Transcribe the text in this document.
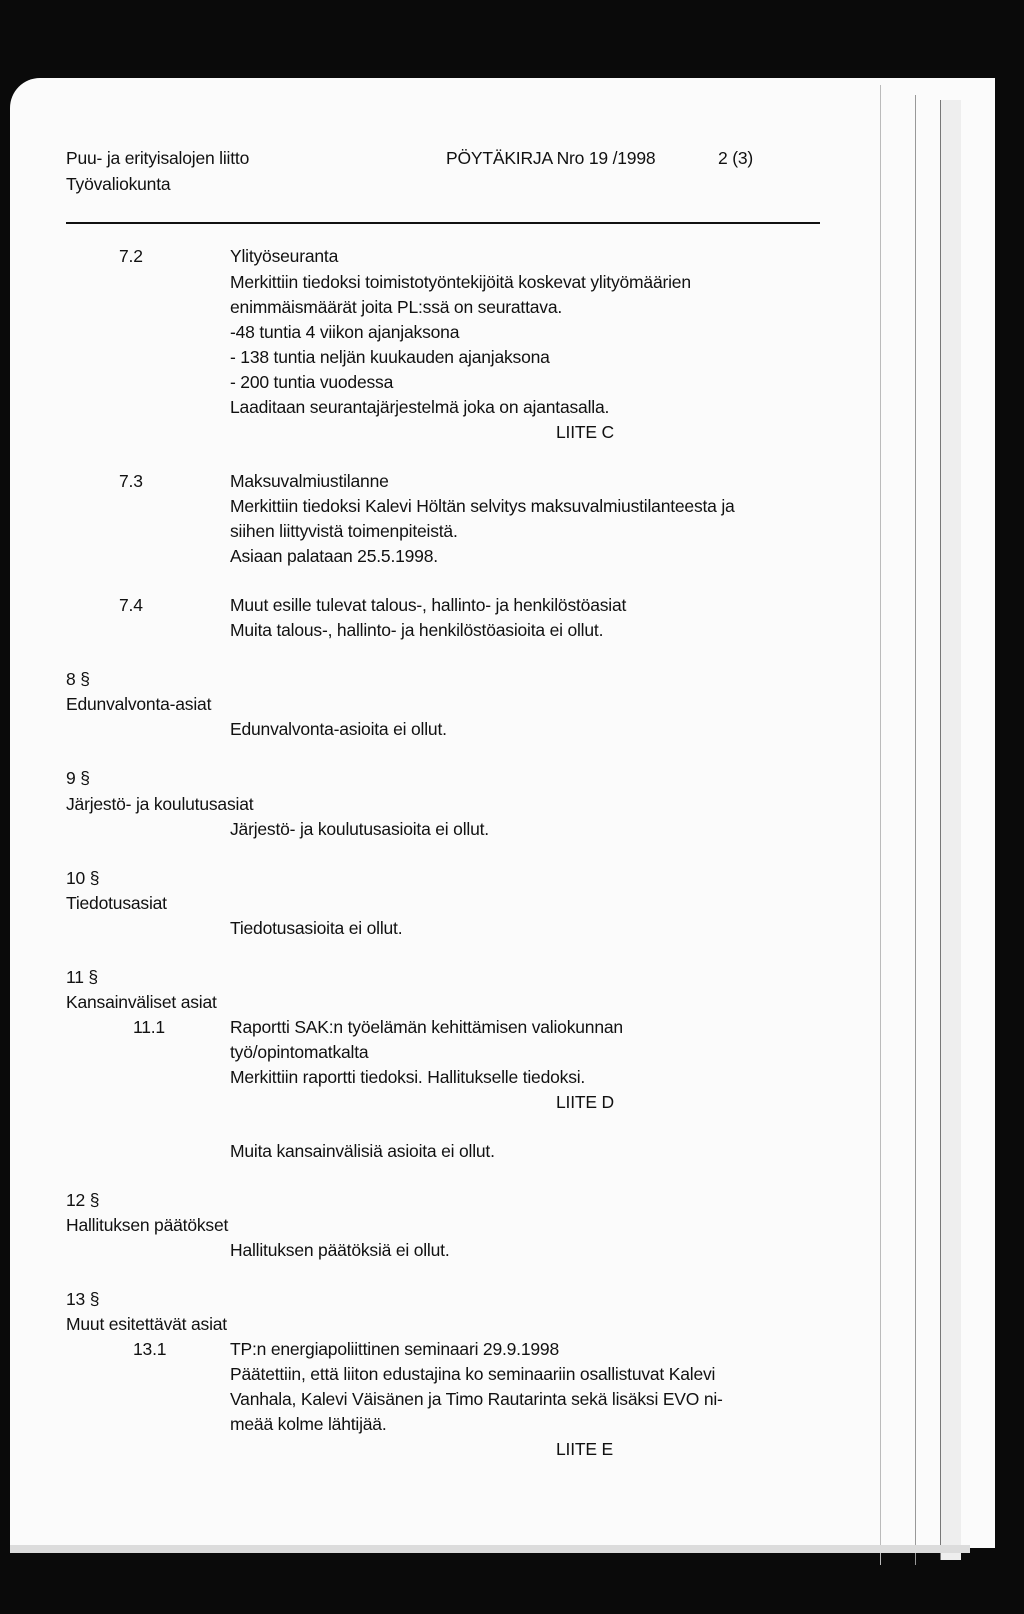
Puu- ja erityisalojen liitto
Työvaliokunta
PÖYTÄKIRJA Nro 19 /1998	2 (3)
7.2	Ylityöseuranta
Merkittiin tiedoksi toimistotyöntekijöitä koskevat ylityömäärien
enimmäismäärät joita PL:ssä on seurattava.
-48 tuntia 4 viikon ajanjaksona
- 138 tuntia neljän kuukauden ajanjaksona
- 200 tuntia vuodessa
Laaditaan seurantajärjestelmä joka on ajantasalla.
LIITE C
7.3	Maksuvalmiustilanne
Merkittiin tiedoksi Kalevi Höltän selvitys maksuvalmiustilanteesta ja
siihen liittyvistä toimenpiteistä.
Asiaan palataan 25.5.1998.
7.4	Muut esille tulevat talous-, hallinto- ja henkilöstöasiat
Muita talous-, hallinto- ja henkilöstöasioita ei ollut.
8 §
Edunvalvonta-asiat
Edunvalvonta-asioita ei ollut.
9 §
Järjestö- ja koulutusasiat
Järjestö- ja koulutusasioita ei ollut.
10 §
Tiedotusasiat
Tiedotusasioita ei ollut.
11 §
Kansainväliset asiat
11.1	Raportti SAK:n työelämän kehittämisen valiokunnan
työ/opintomatkalta
Merkittiin raportti tiedoksi. Hallitukselle tiedoksi.
LIITE D
Muita kansainvälisiä asioita ei ollut.
12 §
Hallituksen päätökset
Hallituksen päätöksiä ei ollut.
13 §
Muut esitettävät asiat
13.1	TP:n energiapoliittinen seminaari 29.9.1998
Päätettiin, että liiton edustajina ko seminaariin osallistuvat Kalevi
Vanhala, Kalevi Väisänen ja Timo Rautarinta sekä lisäksi EVO ni-
meää kolme lähtijää.
LIITE E
